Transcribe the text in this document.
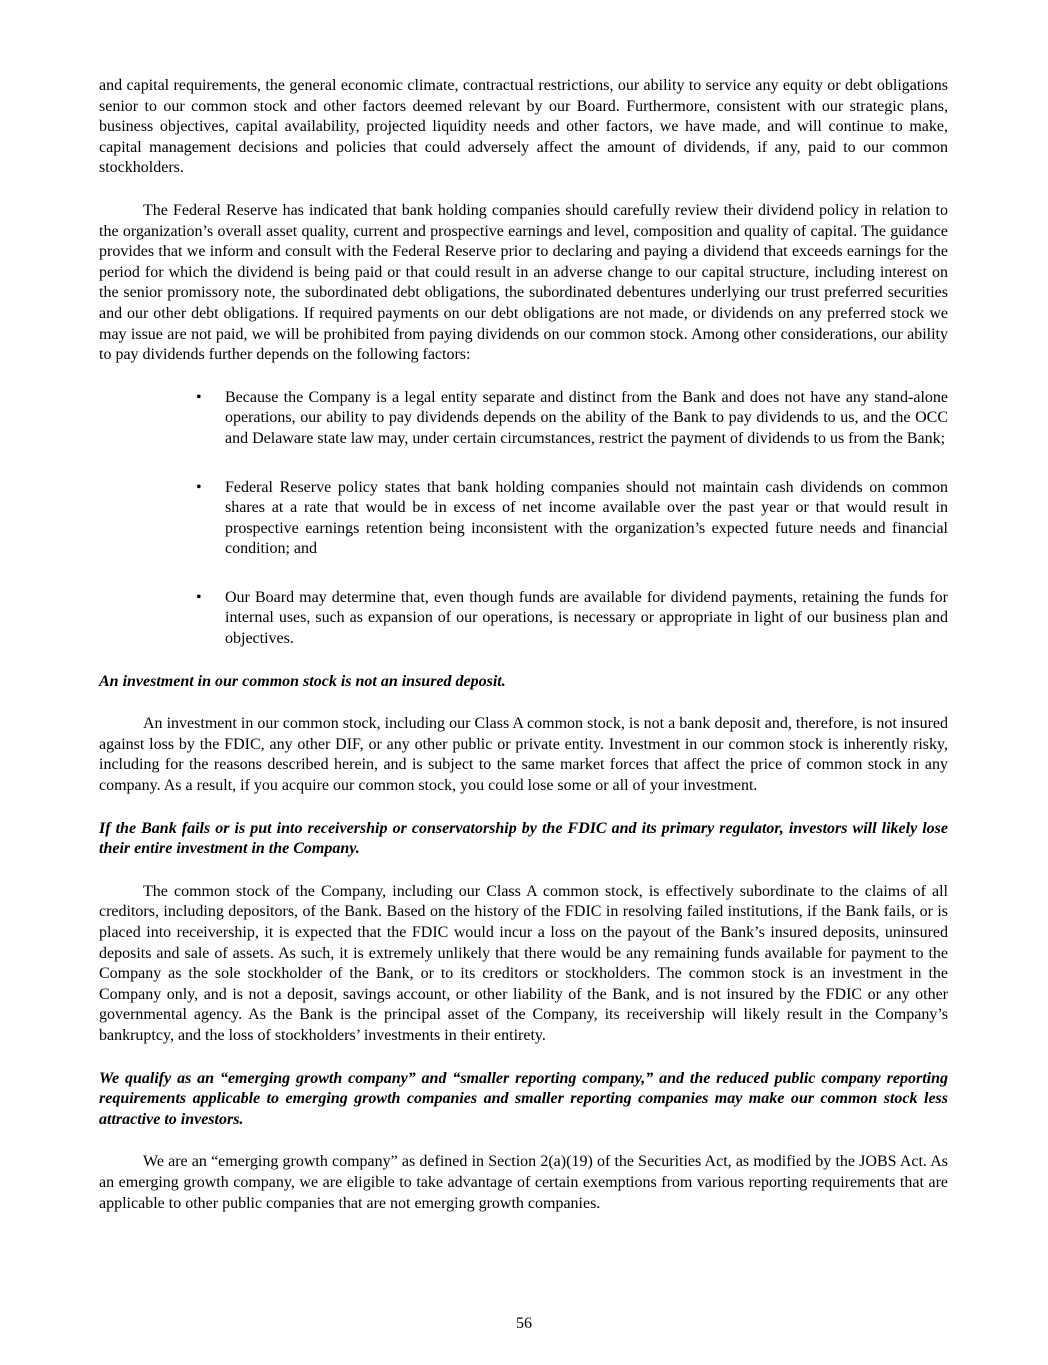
and capital requirements, the general economic climate, contractual restrictions, our ability to service any equity or debt obligations senior to our common stock and other factors deemed relevant by our Board. Furthermore, consistent with our strategic plans, business objectives, capital availability, projected liquidity needs and other factors, we have made, and will continue to make, capital management decisions and policies that could adversely affect the amount of dividends, if any, paid to our common stockholders.

The Federal Reserve has indicated that bank holding companies should carefully review their dividend policy in relation to the organization’s overall asset quality, current and prospective earnings and level, composition and quality of capital. The guidance provides that we inform and consult with the Federal Reserve prior to declaring and paying a dividend that exceeds earnings for the period for which the dividend is being paid or that could result in an adverse change to our capital structure, including interest on the senior promissory note, the subordinated debt obligations, the subordinated debentures underlying our trust preferred securities and our other debt obligations. If required payments on our debt obligations are not made, or dividends on any preferred stock we may issue are not paid, we will be prohibited from paying dividends on our common stock. Among other considerations, our ability to pay dividends further depends on the following factors:

•	Because the Company is a legal entity separate and distinct from the Bank and does not have any stand-alone operations, our ability to pay dividends depends on the ability of the Bank to pay dividends to us, and the OCC and Delaware state law may, under certain circumstances, restrict the payment of dividends to us from the Bank;
•	Federal Reserve policy states that bank holding companies should not maintain cash dividends on common shares at a rate that would be in excess of net income available over the past year or that would result in prospective earnings retention being inconsistent with the organization’s expected future needs and financial condition; and
•	Our Board may determine that, even though funds are available for dividend payments, retaining the funds for internal uses, such as expansion of our operations, is necessary or appropriate in light of our business plan and objectives.

An investment in our common stock is not an insured deposit.

An investment in our common stock, including our Class A common stock, is not a bank deposit and, therefore, is not insured against loss by the FDIC, any other DIF, or any other public or private entity. Investment in our common stock is inherently risky, including for the reasons described herein, and is subject to the same market forces that affect the price of common stock in any company. As a result, if you acquire our common stock, you could lose some or all of your investment.

If the Bank fails or is put into receivership or conservatorship by the FDIC and its primary regulator, investors will likely lose their entire investment in the Company.

The common stock of the Company, including our Class A common stock, is effectively subordinate to the claims of all creditors, including depositors, of the Bank. Based on the history of the FDIC in resolving failed institutions, if the Bank fails, or is placed into receivership, it is expected that the FDIC would incur a loss on the payout of the Bank’s insured deposits, uninsured deposits and sale of assets. As such, it is extremely unlikely that there would be any remaining funds available for payment to the Company as the sole stockholder of the Bank, or to its creditors or stockholders. The common stock is an investment in the Company only, and is not a deposit, savings account, or other liability of the Bank, and is not insured by the FDIC or any other governmental agency. As the Bank is the principal asset of the Company, its receivership will likely result in the Company’s bankruptcy, and the loss of stockholders’ investments in their entirety.

We qualify as an “emerging growth company” and “smaller reporting company,” and the reduced public company reporting requirements applicable to emerging growth companies and smaller reporting companies may make our common stock less attractive to investors.

We are an “emerging growth company” as defined in Section 2(a)(19) of the Securities Act, as modified by the JOBS Act. As an emerging growth company, we are eligible to take advantage of certain exemptions from various reporting requirements that are applicable to other public companies that are not emerging growth companies.

56
